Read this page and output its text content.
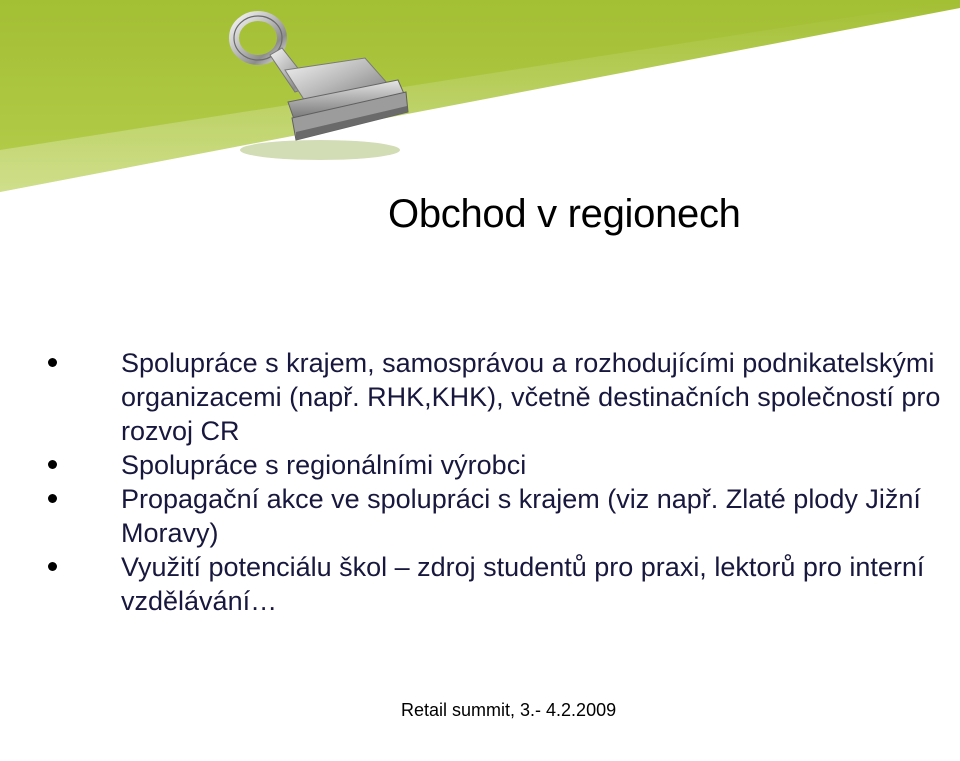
Obchod v regionech
Spolupráce s krajem, samosprávou a rozhodujícími podnikatelskými organizacemi (např. RHK,KHK), včetně destinačních společností pro rozvoj CR
Spolupráce s regionálními výrobci
Propagační akce ve spolupráci s krajem (viz např. Zlaté plody Jižní Moravy)
Využití potenciálu škol – zdroj studentů pro praxi, lektorů pro interní vzdělávání…
Retail summit, 3.- 4.2.2009
